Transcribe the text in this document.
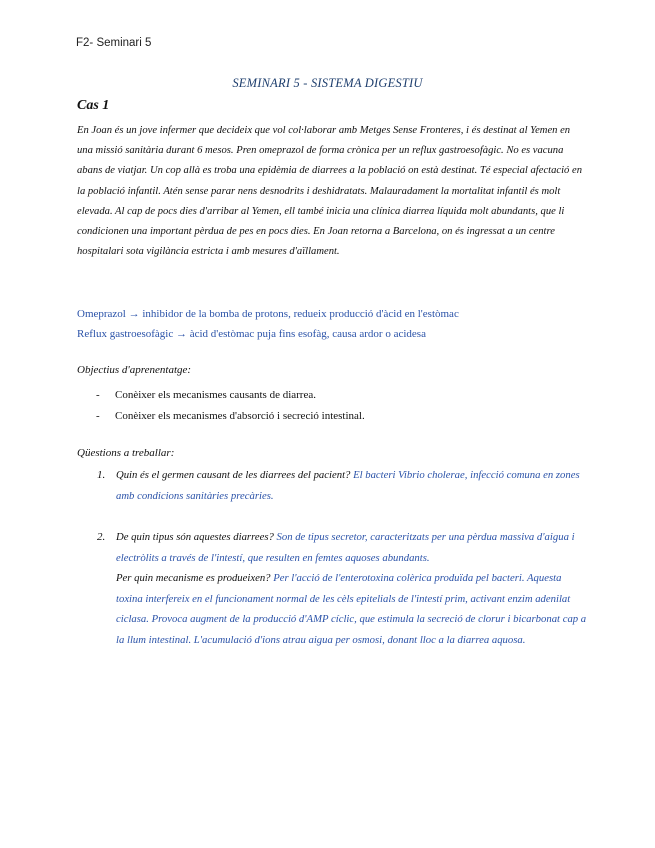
F2- Seminari 5
SEMINARI 5 - SISTEMA DIGESTIU
Cas 1

En Joan és un jove infermer que decideix que vol col·laborar amb Metges Sense Fronteres, i és destinat al Yemen en una missió sanitària durant 6 mesos. Pren omeprazol de forma crònica per un reflux gastroesofàgic. No es vacuna abans de viatjar. Un cop allà es troba una epidèmia de diarrees a la població on està destinat. Té especial afectació en la població infantil. Atén sense parar nens desnodrits i deshidratats. Malauradament la mortalitat infantil és molt elevada. Al cap de pocs dies d'arribar al Yemen, ell també inicia una clínica diarrea líquida molt abundants, que li condicionen una important pèrdua de pes en pocs dies. En Joan retorna a Barcelona, on és ingressat a un centre hospitalari sota vigilància estricta i amb mesures d'aïllament.

Omeprazol → inhibidor de la bomba de protons, redueix producció d'àcid en l'estòmac
Reflux gastroesofàgic → àcid d'estòmac puja fins esofàg, causa ardor o acidesa
Objectius d'aprenentatge:
- Conèixer els mecanismes causants de diarrea.
- Conèixer els mecanismes d'absorció i secreció intestinal.
Qüestions a treballar:
1.	Quin és el germen causant de les diarrees del pacient? El bacteri Vibrio cholerae, infecció comuna en zones amb condicions sanitàries precàries.
2.	De quin tipus són aquestes diarrees? Son de tipus secretor, caracteritzats per una pèrdua massiva d'aigua i electròlits a través de l'intestí, que resulten en femtes aquoses abundants.
Per quin mecanisme es produeixen? Per l'acció de l'enterotoxina colèrica produïda pel bacteri. Aquesta toxina interfereix en el funcionament normal de les cèls epitelials de l'intestí prim, activant enzim adenilat ciclasa. Provoca augment de la producció d'AMP cíclic, que estimula la secreció de clorur i bicarbonat cap a la llum intestinal. L'acumulació d'ions atrau aigua per osmosi, donant lloc a la diarrea aquosa.
